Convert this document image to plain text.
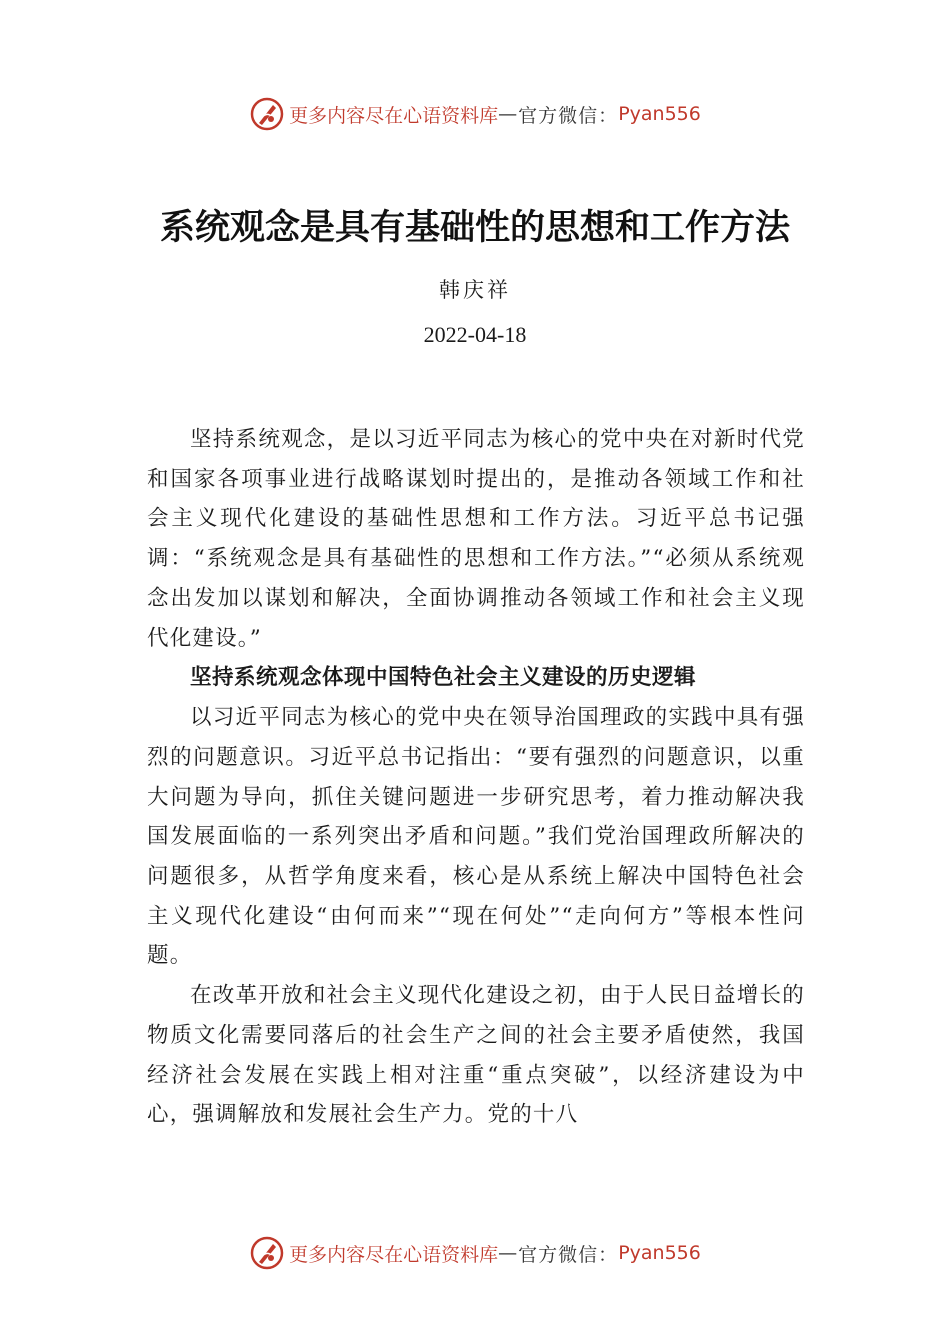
更多内容尽在心语资料库 — 官方微信： Pyan556
系统观念是具有基础性的思想和工作方法
韩庆祥
2022-04-18

坚持系统观念，是以习近平同志为核心的党中央在对新时代党和国家各项事业进行战略谋划时提出的，是推动各领域工作和社会主义现代化建设的基础性思想和工作方法。习近平总书记强调：“系统观念是具有基础性的思想和工作方法。”“必须从系统观念出发加以谋划和解决，全面协调推动各领域工作和社会主义现代化建设。”

坚持系统观念体现中国特色社会主义建设的历史逻辑

以习近平同志为核心的党中央在领导治国理政的实践中具有强烈的问题意识。习近平总书记指出：“要有强烈的问题意识，以重大问题为导向，抓住关键问题进一步研究思考，着力推动解决我国发展面临的一系列突出矛盾和问题。”我们党治国理政所解决的问题很多，从哲学角度来看，核心是从系统上解决中国特色社会主义现代化建设“由何而来”“现在何处”“走向何方”等根本性问题。

在改革开放和社会主义现代化建设之初，由于人民日益增长的物质文化需要同落后的社会生产之间的社会主要矛盾使然，我国经济社会发展在实践上相对注重“重点突破”，以经济建设为中心，强调解放和发展社会生产力。党的十八

更多内容尽在心语资料库 — 官方微信： Pyan556
